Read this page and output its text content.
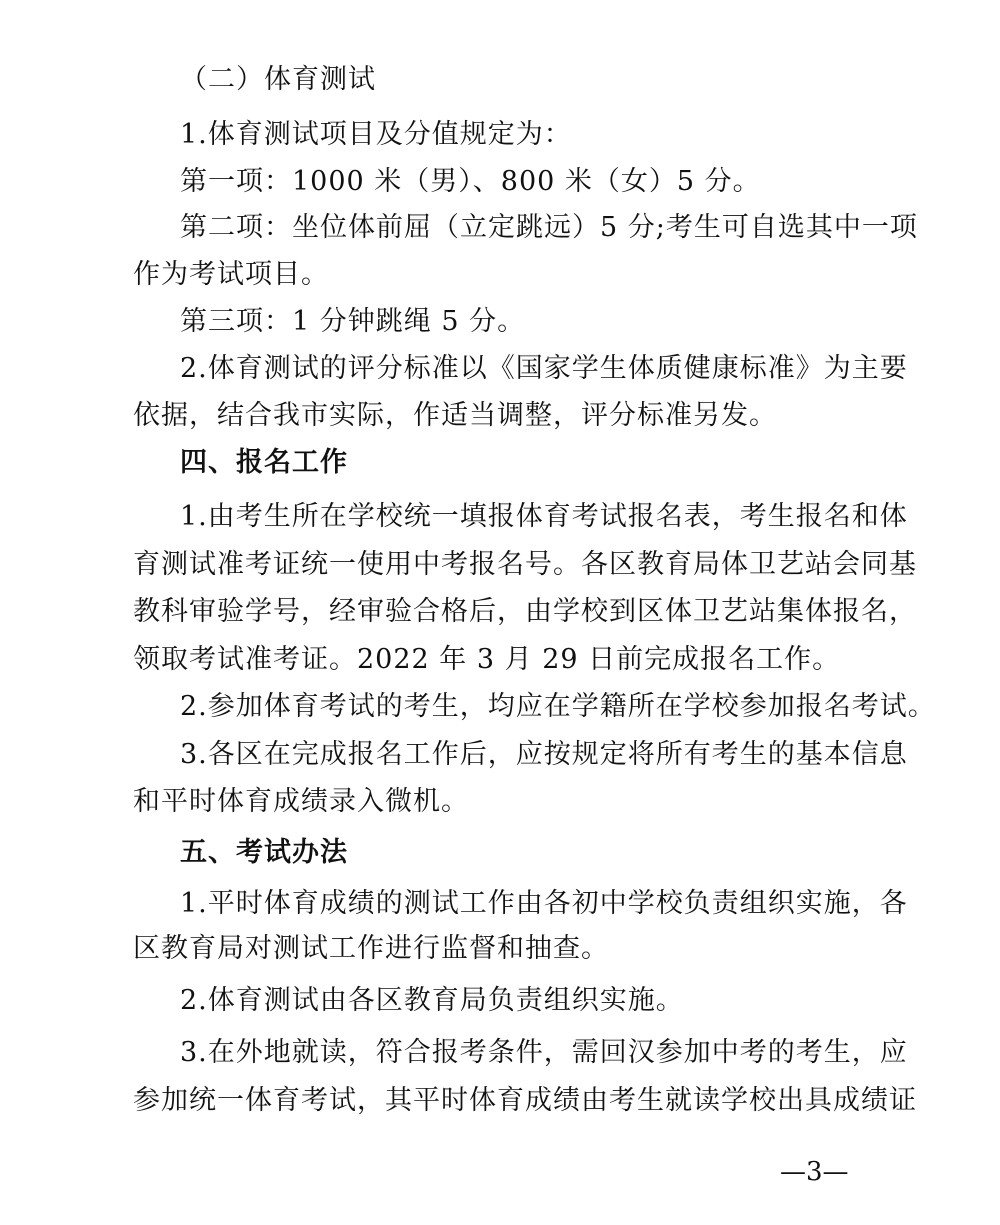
（二）体育测试
1.体育测试项目及分值规定为：
第一项：1000 米（男）、800 米（女）5 分。
第二项：坐位体前屈（立定跳远）5 分;考生可自选其中一项
作为考试项目。
第三项：1 分钟跳绳 5 分。
2.体育测试的评分标准以《国家学生体质健康标准》为主要
依据，结合我市实际，作适当调整，评分标准另发。
四、报名工作
1.由考生所在学校统一填报体育考试报名表，考生报名和体
育测试准考证统一使用中考报名号。各区教育局体卫艺站会同基
教科审验学号，经审验合格后，由学校到区体卫艺站集体报名，
领取考试准考证。2022 年 3 月 29 日前完成报名工作。
2.参加体育考试的考生，均应在学籍所在学校参加报名考试。
3.各区在完成报名工作后，应按规定将所有考生的基本信息
和平时体育成绩录入微机。
五、考试办法
1.平时体育成绩的测试工作由各初中学校负责组织实施，各
区教育局对测试工作进行监督和抽查。
2.体育测试由各区教育局负责组织实施。
3.在外地就读，符合报考条件，需回汉参加中考的考生，应
参加统一体育考试，其平时体育成绩由考生就读学校出具成绩证
—3—
